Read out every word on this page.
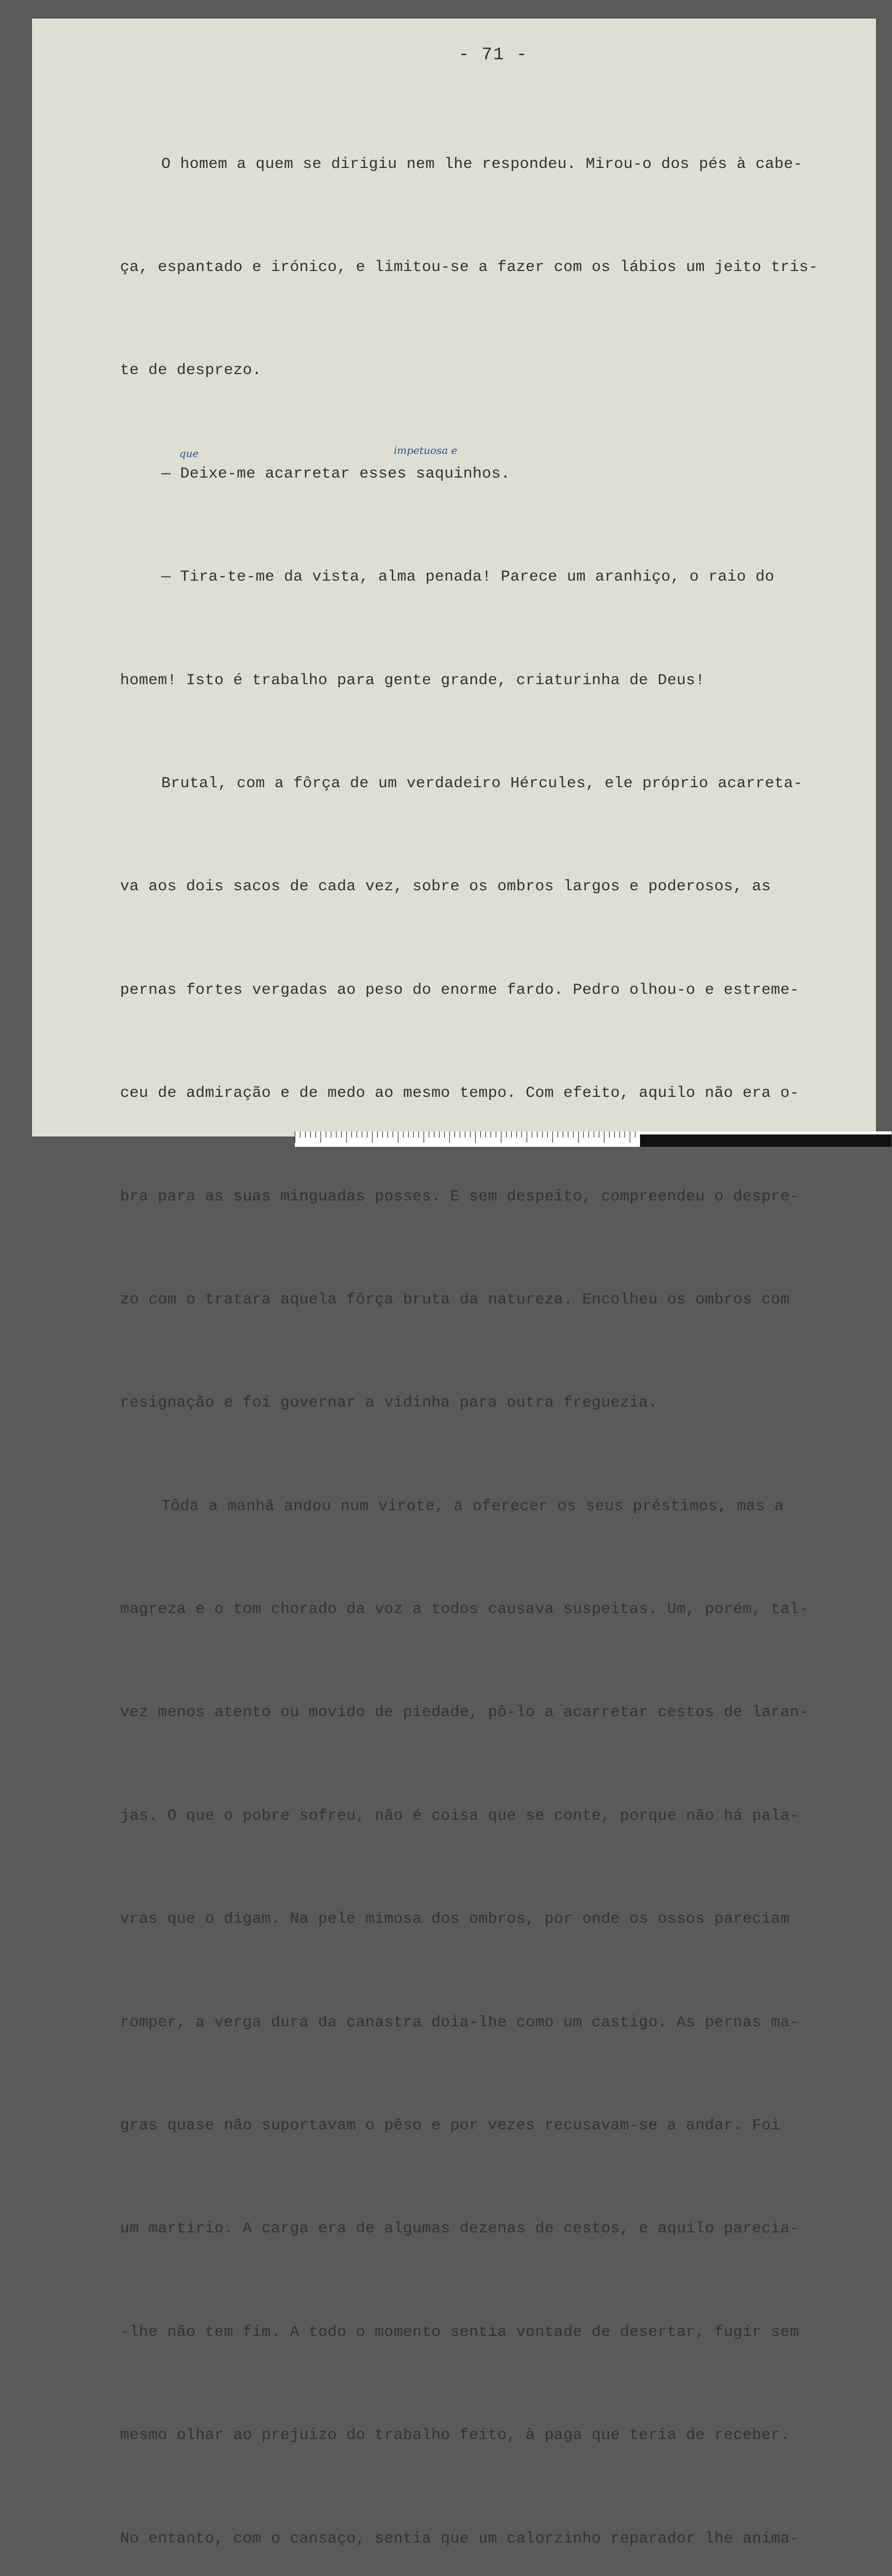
- 71 -
que	impetuosa e

O homem a quem se dirigiu nem lhe respondeu. Mirou-o dos pés à cabe-

ça, espantado e irónico, e limitou-se a fazer com os lábios um jeito tris-

te de desprezo.

— Deixe-me acarretar esses saquinhos.

— Tira-te-me da vista, alma penada! Parece um aranhiço, o raio do

homem! Isto é trabalho para gente grande, criaturinha de Deus!

Brutal, com a fôrça de um verdadeiro Hércules, ele próprio acarreta-

va aos dois sacos de cada vez, sobre os ombros largos e poderosos, as

pernas fortes vergadas ao peso do enorme fardo. Pedro olhou-o e estreme-

ceu de admiração e de medo ao mesmo tempo. Com efeito, aquilo não era o-

bra para as suas minguadas posses. E sem despeito, compreendeu o despre-

zo com o tratara aquela fôrça bruta da natureza. Encolheu os ombros com

resignação e foi governar a vidinha para outra freguezia.

Tôda a manhã andou num virote, a oferecer os seus préstimos, mas a

magreza e o tom chorado da voz a todos causava suspeitas. Um, porém, tal-

vez menos atento ou movido de piedade, pô-lo a acarretar cestos de laran-

jas. O que o pobre sofreu, não é coisa que se conte, porque não há pala-

vras que o digam. Na pele mimosa dos ombros, por onde os ossos pareciam

romper, a verga dura da canastra doia-lhe como um castigo. As pernas ma-

gras quase não suportavam o pêso e por vezes recusavam-se a andar. Foi

um martírio. A carga era de algumas dezenas de cestos, e aquilo parecia-

-lhe não tem fim. A todo o momento sentia vontade de desertar, fugir sem

mesmo olhar ao prejuizo do trabalho feito, à paga que teria de receber.

No entanto, com o cansaço, sentia que um calorzinho reparador lhe anima-
